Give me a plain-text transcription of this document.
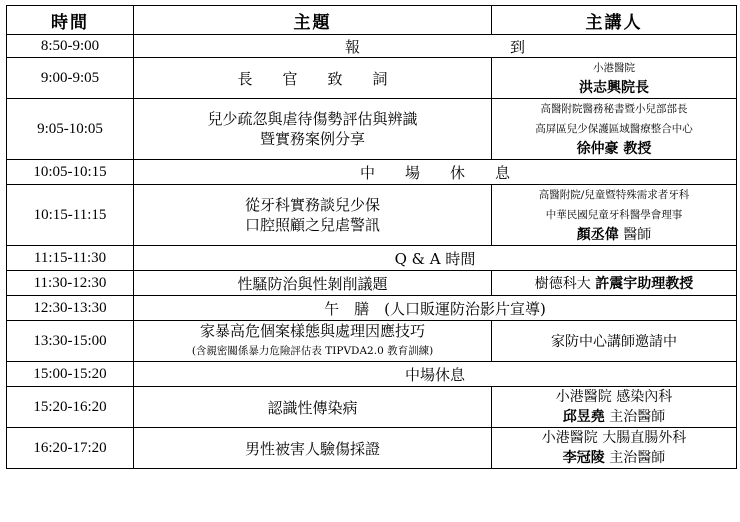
時間	主題	主講人
8:50-9:00	報　　　　　　　　　　到	
9:00-9:05	長　　官　　致　　詞	小港醫院
洪志興院長

9:05-10:05	兒少疏忽與虐待傷勢評估與辨識
暨實務案例分享	高醫附院醫務秘書暨小兒部部長
高屏區兒少保護區域醫療整合中心
徐仲豪 教授

10:05-10:15	中　　場　　休　　息	
10:15-11:15	從牙科實務談兒少保
口腔照顧之兒虐警訊	高醫附院/兒童暨特殊需求者牙科
中華民國兒童牙科醫學會理事
顏丞偉 醫師

11:15-11:30	Q & A 時間	
11:30-12:30	性騷防治與性剝削議題	樹德科大 許震宇助理教授
12:30-13:30	午　膳　(人口販運防治影片宣導)	
13:30-15:00	家暴高危個案樣態與處理因應技巧
(含親密關係暴力危險評估表 TIPVDA2.0 教育訓練)	家防中心講師邀請中
15:00-15:20	中場休息	
15:20-16:20	認識性傳染病	小港醫院 感染內科
邱昱堯 主治醫師

16:20-17:20	男性被害人驗傷採證	小港醫院 大腸直腸外科
李冠陵 主治醫師
